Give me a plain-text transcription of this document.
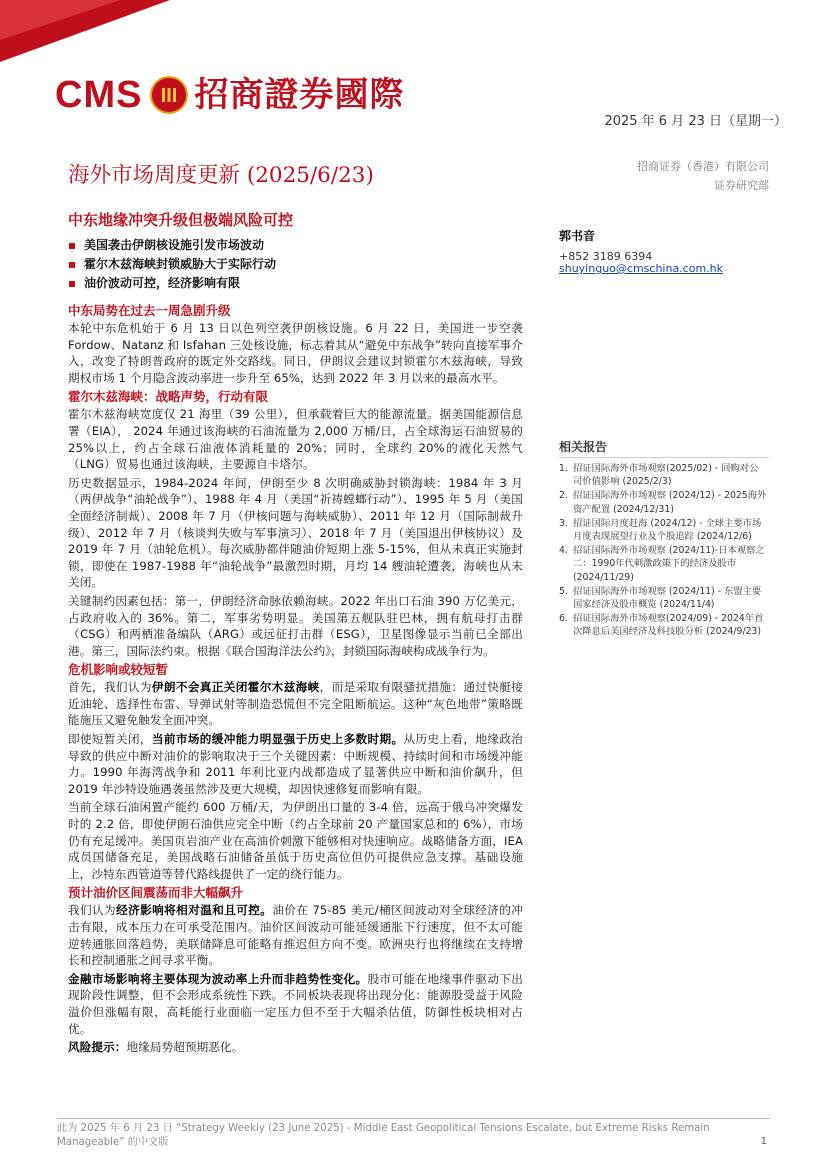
CMS 招商證券國際
2025 年 6 月 23 日（星期一）
海外市场周度更新 (2025/6/23)	招商证券（香港）有限公司
证券研究部
中东地缘冲突升级但极端风险可控
美国袭击伊朗核设施引发市场波动
霍尔木兹海峡封锁威胁大于实际行动
油价波动可控，经济影响有限
中东局势在过去一周急剧升级

本轮中东危机始于 6 月 13 日以色列空袭伊朗核设施。6 月 22 日，美国进一步空袭 Fordow、Natanz 和 Isfahan 三处核设施，标志着其从“避免中东战争”转向直接军事介入，改变了特朗普政府的既定外交路线。同日，伊朗议会建议封锁霍尔木兹海峡，导致期权市场 1 个月隐含波动率进一步升至 65%，达到 2022 年 3 月以来的最高水平。

霍尔木兹海峡：战略声势，行动有限

霍尔木兹海峡宽度仅 21 海里（39 公里），但承载着巨大的能源流量。据美国能源信息署（EIA）， 2024 年通过该海峡的石油流量为 2,000 万桶/日，占全球海运石油贸易的 25%以上，约占全球石油液体消耗量的 20%；同时，全球约 20%的液化天然气（LNG）贸易也通过该海峡，主要源自卡塔尔。

历史数据显示，1984-2024 年间，伊朗至少 8 次明确威胁封锁海峡：1984 年 3 月（两伊战争“油轮战争”）、1988 年 4 月（美国“祈祷螳螂行动”）、1995 年 5 月（美国全面经济制裁）、2008 年 7 月（伊核问题与海峡威胁）、2011 年 12 月（国际制裁升级）、2012 年 7 月（核谈判失败与军事演习）、2018 年 7 月（美国退出伊核协议）及 2019 年 7 月（油轮危机）。每次威胁都伴随油价短期上涨 5-15%，但从未真正实施封锁，即使在 1987-1988 年“油轮战争”最激烈时期，月均 14 艘油轮遭袭，海峡也从未关闭。

关键制约因素包括：第一，伊朗经济命脉依赖海峡。2022 年出口石油 390 万亿美元，占政府收入的 36%。第二，军事劣势明显。美国第五舰队驻巴林，拥有航母打击群（CSG）和两栖准备编队（ARG）或远征打击群（ESG），卫星图像显示当前已全部出港。第三，国际法约束。根据《联合国海洋法公约》，封锁国际海峡构成战争行为。

危机影响或较短暂

首先，我们认为伊朗不会真正关闭霍尔木兹海峡，而是采取有限骚扰措施：通过快艇接近油轮、选择性布雷、导弹试射等制造恐慌但不完全阻断航运。这种“灰色地带”策略既能施压又避免触发全面冲突。

即使短暂关闭，当前市场的缓冲能力明显强于历史上多数时期。从历史上看，地缘政治导致的供应中断对油价的影响取决于三个关键因素：中断规模、持续时间和市场缓冲能力。1990 年海湾战争和 2011 年利比亚内战都造成了显著供应中断和油价飙升，但 2019 年沙特设施遇袭虽然涉及更大规模，却因快速修复而影响有限。

当前全球石油闲置产能约 600 万桶/天，为伊朗出口量的 3-4 倍，远高于俄乌冲突爆发时的 2.2 倍，即使伊朗石油供应完全中断（约占全球前 20 产量国家总和的 6%），市场仍有充足缓冲。美国页岩油产业在高油价刺激下能够相对快速响应。战略储备方面，IEA 成员国储备充足，美国战略石油储备虽低于历史高位但仍可提供应急支撑。基础设施上，沙特东西管道等替代路线提供了一定的绕行能力。

预计油价区间震荡而非大幅飙升

我们认为经济影响将相对温和且可控。油价在 75-85 美元/桶区间波动对全球经济的冲击有限，成本压力在可承受范围内。油价区间波动可能延缓通胀下行速度，但不太可能逆转通胀回落趋势，美联储降息可能略有推迟但方向不变。欧洲央行也将继续在支持增长和控制通胀之间寻求平衡。

金融市场影响将主要体现为波动率上升而非趋势性变化。股市可能在地缘事件驱动下出现阶段性调整，但不会形成系统性下跌。不同板块表现将出现分化：能源股受益于风险溢价但涨幅有限，高耗能行业面临一定压力但不至于大幅杀估值，防御性板块相对占优。

风险提示：地缘局势超预期恶化。

郭书音
+852 3189 6394
shuyinguo@cmschina.com.hk
相关报告
1. 招证国际海外市场观察(2025/02) - 回购对公司价值影响 (2025/2/3)
2. 招证国际海外市场观察 (2024/12) - 2025海外资产配置 (2024/12/31)
3. 招证国际月度赶海 (2024/12) - 全球主要市场月度表现展望行业及个股追踪 (2024/12/6)
4. 招证国际海外市场观察 (2024/11)-日本观察之二：1990年代刺激政策下的经济及股市 (2024/11/29)
5. 招证国际海外市场观察 (2024/11) - 东盟主要国家经济及股市概览 (2024/11/4)
6. 招证国际海外市场观察(2024/09) - 2024年首次降息后美国经济及科技股分析 (2024/9/23)
此为 2025 年 6 月 23 日 “Strategy Weekly (23 June 2025) - Middle East Geopolitical Tensions Escalate, but Extreme Risks Remain Manageable” 的中文版	1
